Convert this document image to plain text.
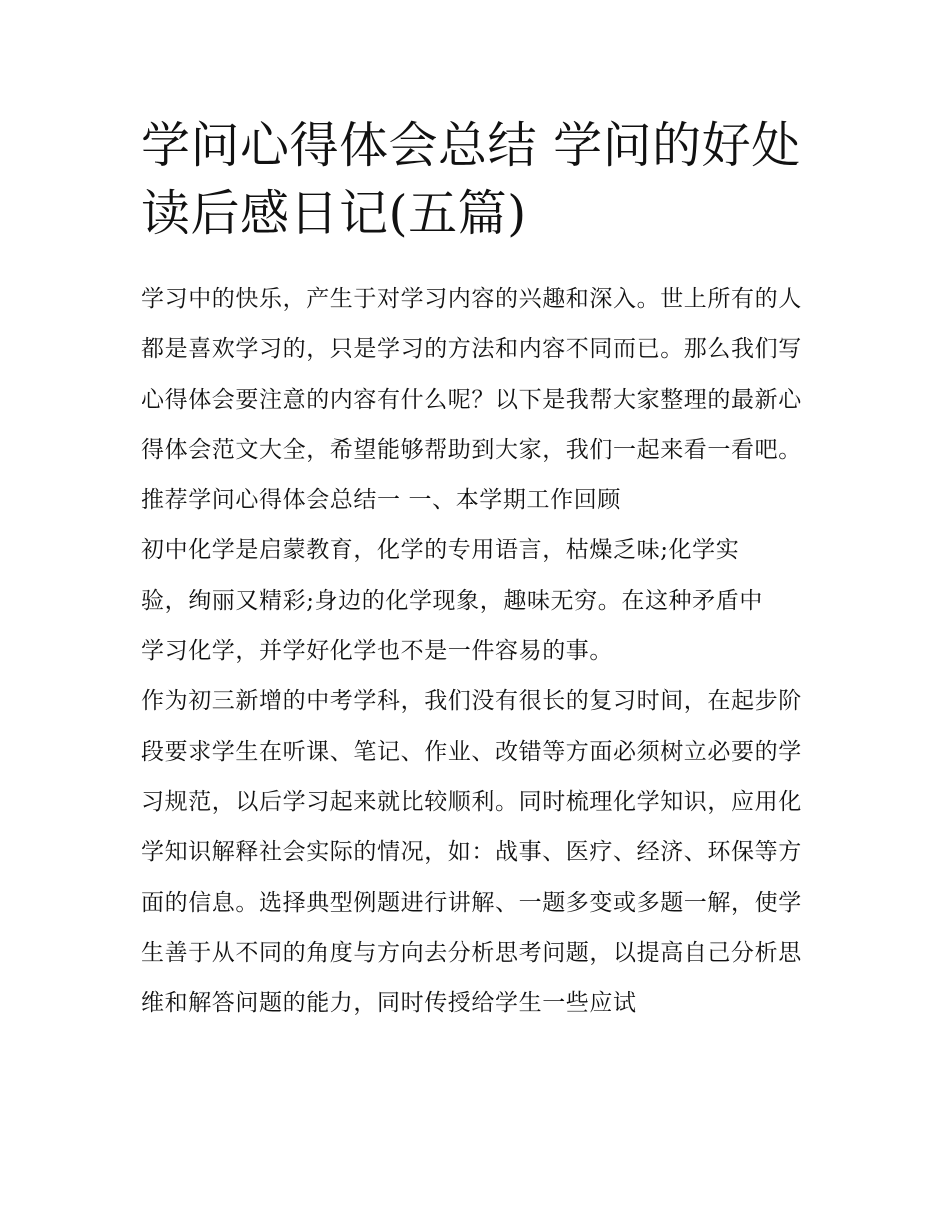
学问心得体会总结 学问的好处读后感日记(五篇)

学习中的快乐，产生于对学习内容的兴趣和深入。世上所有的人都是喜欢学习的，只是学习的方法和内容不同而已。那么我们写心得体会要注意的内容有什么呢？以下是我帮大家整理的最新心得体会范文大全，希望能够帮助到大家，我们一起来看一看吧。

推荐学问心得体会总结一 一、本学期工作回顾

初中化学是启蒙教育，化学的专用语言，枯燥乏味;化学实验，绚丽又精彩;身边的化学现象，趣味无穷。在这种矛盾中学习化学，并学好化学也不是一件容易的事。

作为初三新增的中考学科，我们没有很长的复习时间，在起步阶段要求学生在听课、笔记、作业、改错等方面必须树立必要的学习规范，以后学习起来就比较顺利。同时梳理化学知识，应用化学知识解释社会实际的情况，如：战事、医疗、经济、环保等方面的信息。选择典型例题进行讲解、一题多变或多题一解，使学生善于从不同的角度与方向去分析思考问题，以提高自己分析思维和解答问题的能力，同时传授给学生一些应试
